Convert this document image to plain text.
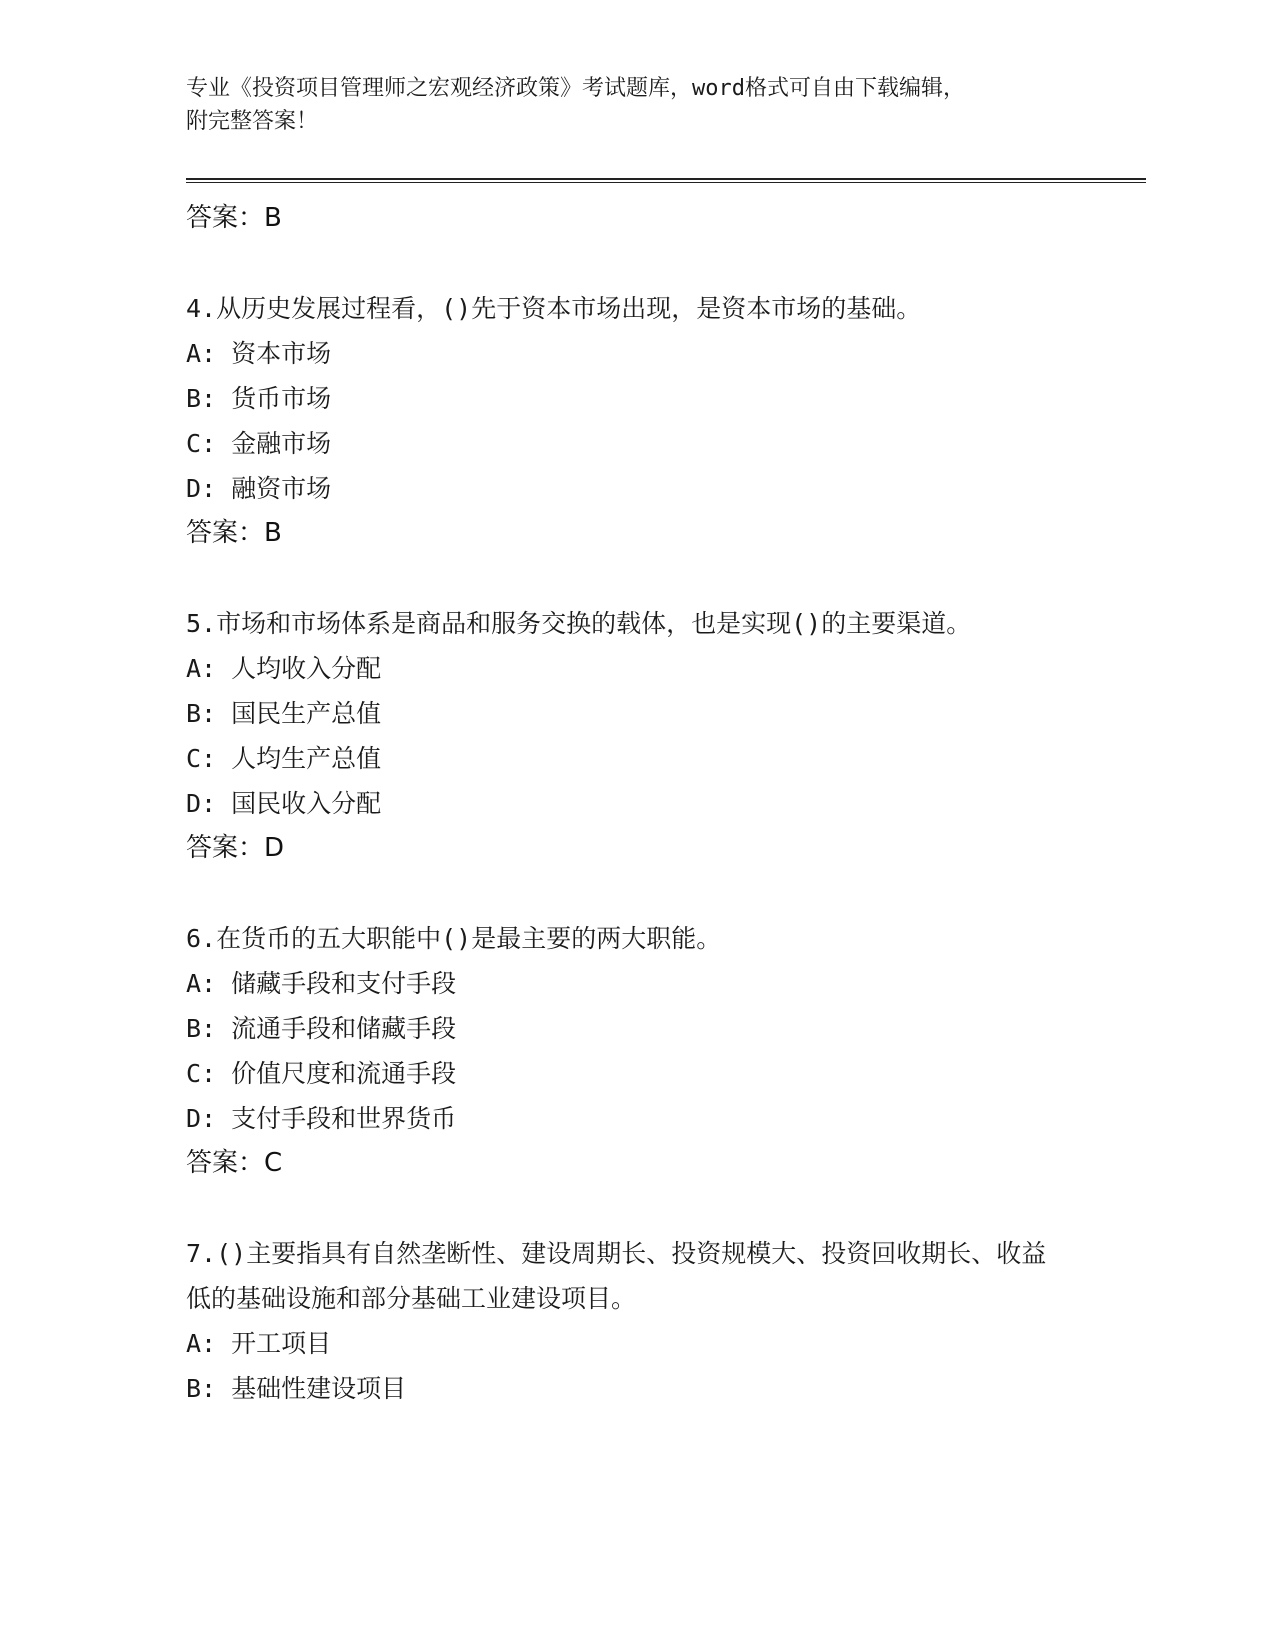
专业《投资项目管理师之宏观经济政策》考试题库，word格式可自由下载编辑，
附完整答案！
答案：B
4.从历史发展过程看，()先于资本市场出现，是资本市场的基础。
A: 资本市场
B: 货币市场
C: 金融市场
D: 融资市场
答案：B
5.市场和市场体系是商品和服务交换的载体，也是实现()的主要渠道。
A: 人均收入分配
B: 国民生产总值
C: 人均生产总值
D: 国民收入分配
答案：D
6.在货币的五大职能中()是最主要的两大职能。
A: 储藏手段和支付手段
B: 流通手段和储藏手段
C: 价值尺度和流通手段
D: 支付手段和世界货币
答案：C
7.()主要指具有自然垄断性、建设周期长、投资规模大、投资回收期长、收益低的基础设施和部分基础工业建设项目。
A: 开工项目
B: 基础性建设项目
